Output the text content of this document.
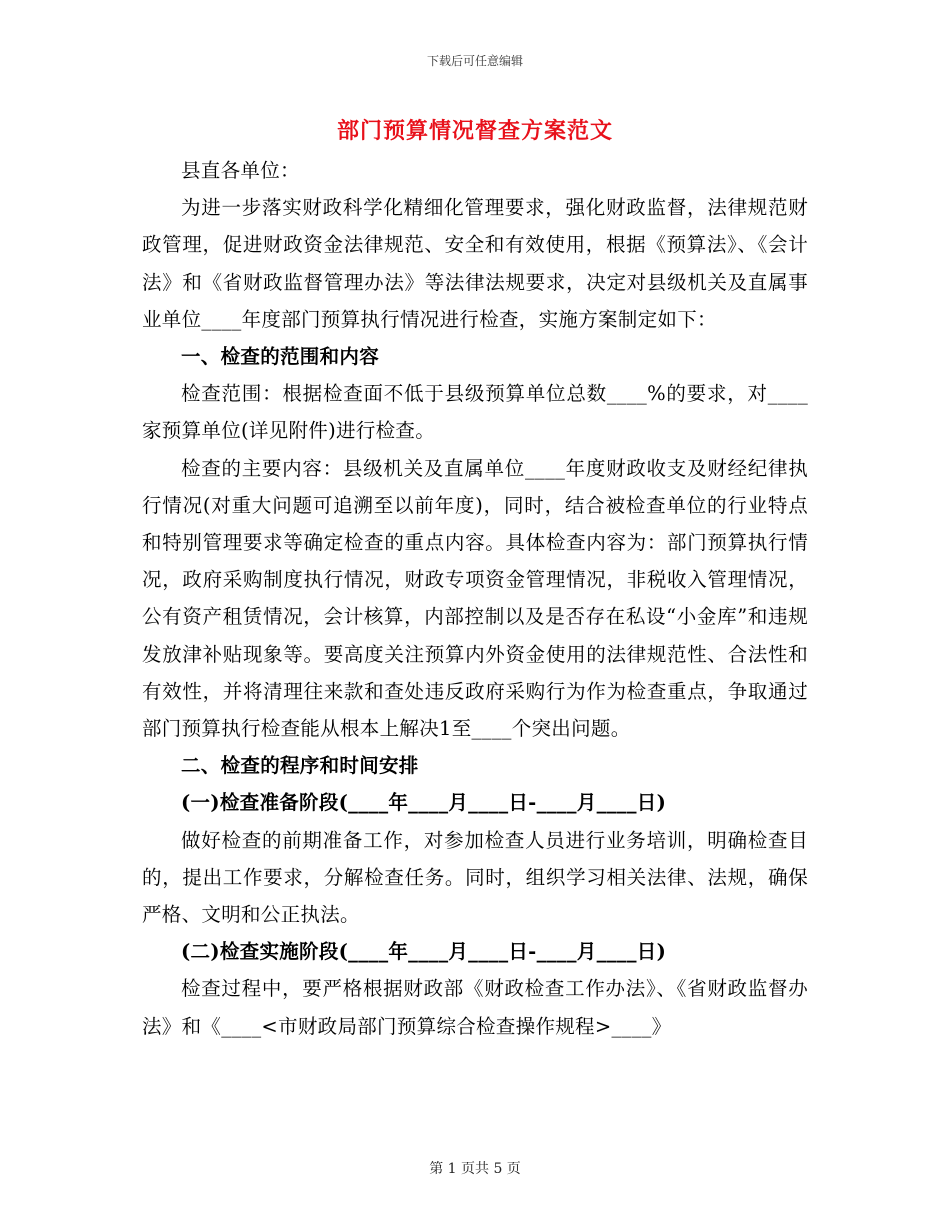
下载后可任意编辑
部门预算情况督查方案范文

县直各单位：

为进一步落实财政科学化精细化管理要求，强化财政监督，法律规范财政管理，促进财政资金法律规范、安全和有效使用，根据《预算法》、《会计法》和《省财政监督管理办法》等法律法规要求，决定对县级机关及直属事业单位____年度部门预算执行情况进行检查，实施方案制定如下：

一、检查的范围和内容

检查范围：根据检查面不低于县级预算单位总数____%的要求，对____家预算单位(详见附件)进行检查。

检查的主要内容：县级机关及直属单位____年度财政收支及财经纪律执行情况(对重大问题可追溯至以前年度)，同时，结合被检查单位的行业特点和特别管理要求等确定检查的重点内容。具体检查内容为：部门预算执行情况，政府采购制度执行情况，财政专项资金管理情况，非税收入管理情况，公有资产租赁情况，会计核算，内部控制以及是否存在私设“小金库”和违规发放津补贴现象等。要高度关注预算内外资金使用的法律规范性、合法性和有效性，并将清理往来款和查处违反政府采购行为作为检查重点，争取通过部门预算执行检查能从根本上解决1至____个突出问题。

二、检查的程序和时间安排

(一)检查准备阶段(____年____月____日-____月____日)

做好检查的前期准备工作，对参加检查人员进行业务培训，明确检查目的，提出工作要求，分解检查任务。同时，组织学习相关法律、法规，确保严格、文明和公正执法。

(二)检查实施阶段(____年____月____日-____月____日)

检查过程中，要严格根据财政部《财政检查工作办法》、《省财政监督办法》和《____<市财政局部门预算综合检查操作规程>____》

第 1 页共 5 页
